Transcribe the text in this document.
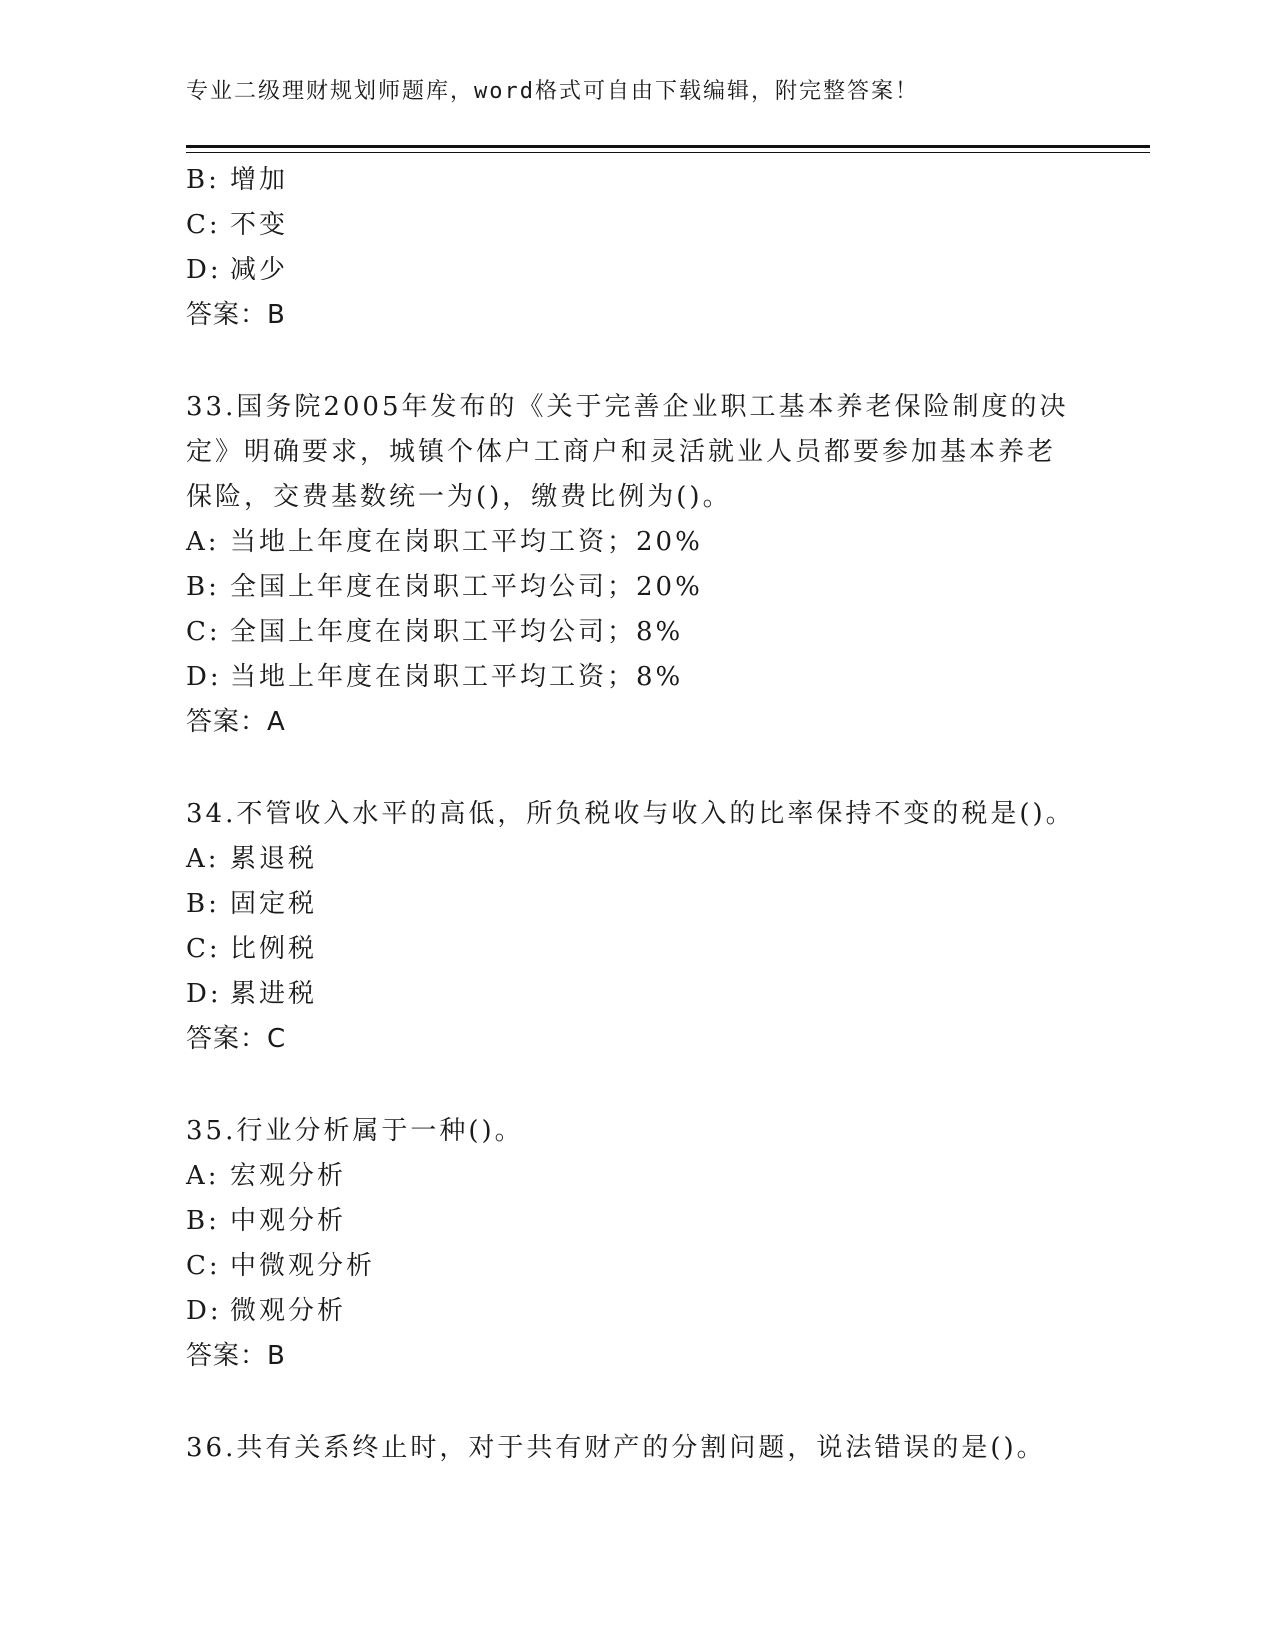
专业二级理财规划师题库，word格式可自由下载编辑，附完整答案！
B: 增加
C: 不变
D: 减少
答案：B
33.国务院2005年发布的《关于完善企业职工基本养老保险制度的决
定》明确要求，城镇个体户工商户和灵活就业人员都要参加基本养老
保险，交费基数统一为()，缴费比例为()。
A: 当地上年度在岗职工平均工资；20%
B: 全国上年度在岗职工平均公司；20%
C: 全国上年度在岗职工平均公司；8%
D: 当地上年度在岗职工平均工资；8%
答案：A
34.不管收入水平的高低，所负税收与收入的比率保持不变的税是()。
A: 累退税
B: 固定税
C: 比例税
D: 累进税
答案：C
35.行业分析属于一种()。
A: 宏观分析
B: 中观分析
C: 中微观分析
D: 微观分析
答案：B
36.共有关系终止时，对于共有财产的分割问题，说法错误的是()。
